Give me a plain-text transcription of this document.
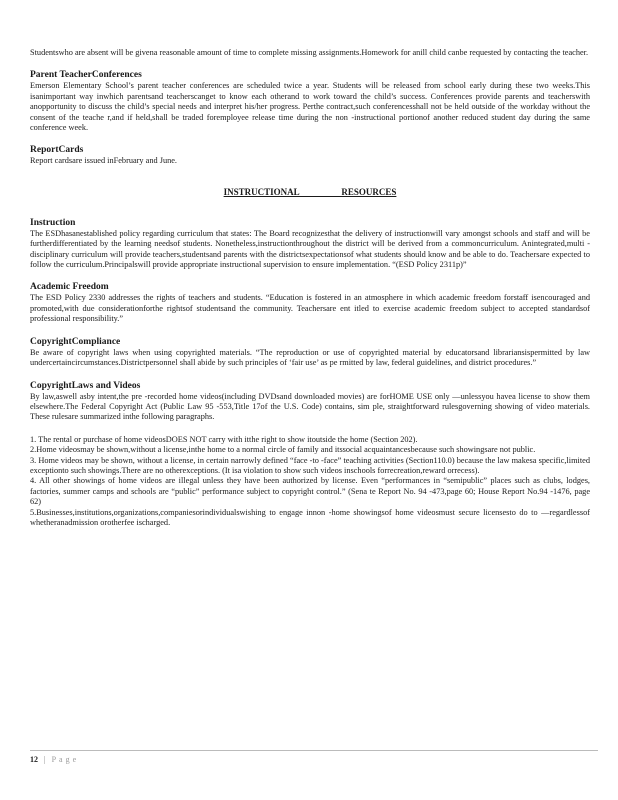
Studentswho are absent will be givena reasonable amount of time to complete missing assignments.Homework for anill child canbe requested by contacting the teacher.

Parent TeacherConferences

Emerson Elementary School’s parent teacher conferences are scheduled twice a year. Students will be released from school early during these two weeks.This isanimportant way inwhich parentsand teacherscanget to know each otherand to work toward the child’s success. Conferences provide parents and teacherswith anopportunity to discuss the child’s special needs and interpret his/her progress. Perthe contract,such conferencesshall not be held outside of the workday without the consent of the teache r,and if held,shall be traded foremployee release time during the non -instructional portionof another reduced student day during the same conference week.

ReportCards

Report cardsare issued inFebruary and June.

INSTRUCTIONAL RESOURCES
Instruction

The ESDhasanestablished policy regarding curriculum that states: The Board recognizesthat the delivery of instructionwill vary amongst schools and staff and will be furtherdifferentiated by the learning needsof students. Nonetheless,instructionthroughout the district will be derived from a commoncurriculum. Anintegrated,multi - disciplinary curriculum will provide teachers,studentsand parents with the districtsexpectationsof what students should know and be able to do. Teachersare expected to follow the curriculum.Principalswill provide appropriate instructional supervision to ensure implementation. “(ESD Policy 2311p)”

Academic Freedom

The ESD Policy 2330 addresses the rights of teachers and students. “Education is fostered in an atmosphere in which academic freedom forstaff isencouraged and promoted,with due considerationforthe rightsof studentsand the community. Teachersare ent itled to exercise academic freedom subject to accepted standardsof professional responsibility.”

CopyrightCompliance

Be aware of copyright laws when using copyrighted materials. “The reproduction or use of copyrighted material by educatorsand librariansispermitted by law undercertaincircumstances.Districtpersonnel shall abide by such principles of ‘fair use’ as pe rmitted by law, federal guidelines, and district procedures.”

CopyrightLaws and Videos

By law,aswell asby intent,the pre -recorded home videos(including DVDsand downloaded movies) are forHOME USE only —unlessyou havea license to show them elsewhere.The Federal Copyright Act (Public Law 95 -553,Title 17of the U.S. Code) contains, sim ple, straightforward rulesgoverning showing of video materials. These rulesare summarized inthe following paragraphs.

1. The rental or purchase of home videosDOES NOT carry with itthe right to show itoutside the home (Section 202).

2.Home videosmay be shown,without a license,inthe home to a normal circle of family and itssocial acquaintancesbecause such showingsare not public.

3. Home videos may be shown, without a license, in certain narrowly defined “face -to -face” teaching activities (Section110.0) because the law makesa specific,limited exceptionto such showings.There are no otherexceptions. (It isa violation to show such videos inschools forrecreation,reward orrecess).

4. All other showings of home videos are illegal unless they have been authorized by license. Even “performances in “semipublic” places such as clubs, lodges, factories, summer camps and schools are “public” performance subject to copyright control.” (Sena te Report No. 94 -473,page 60; House Report No.94 -1476, page 62)

5.Businesses,institutions,organizations,companiesorindividualswishing to engage innon -home showingsof home videosmust secure licensesto do to —regardlessof whetheranadmission orotherfee ischarged.

12 | Page
